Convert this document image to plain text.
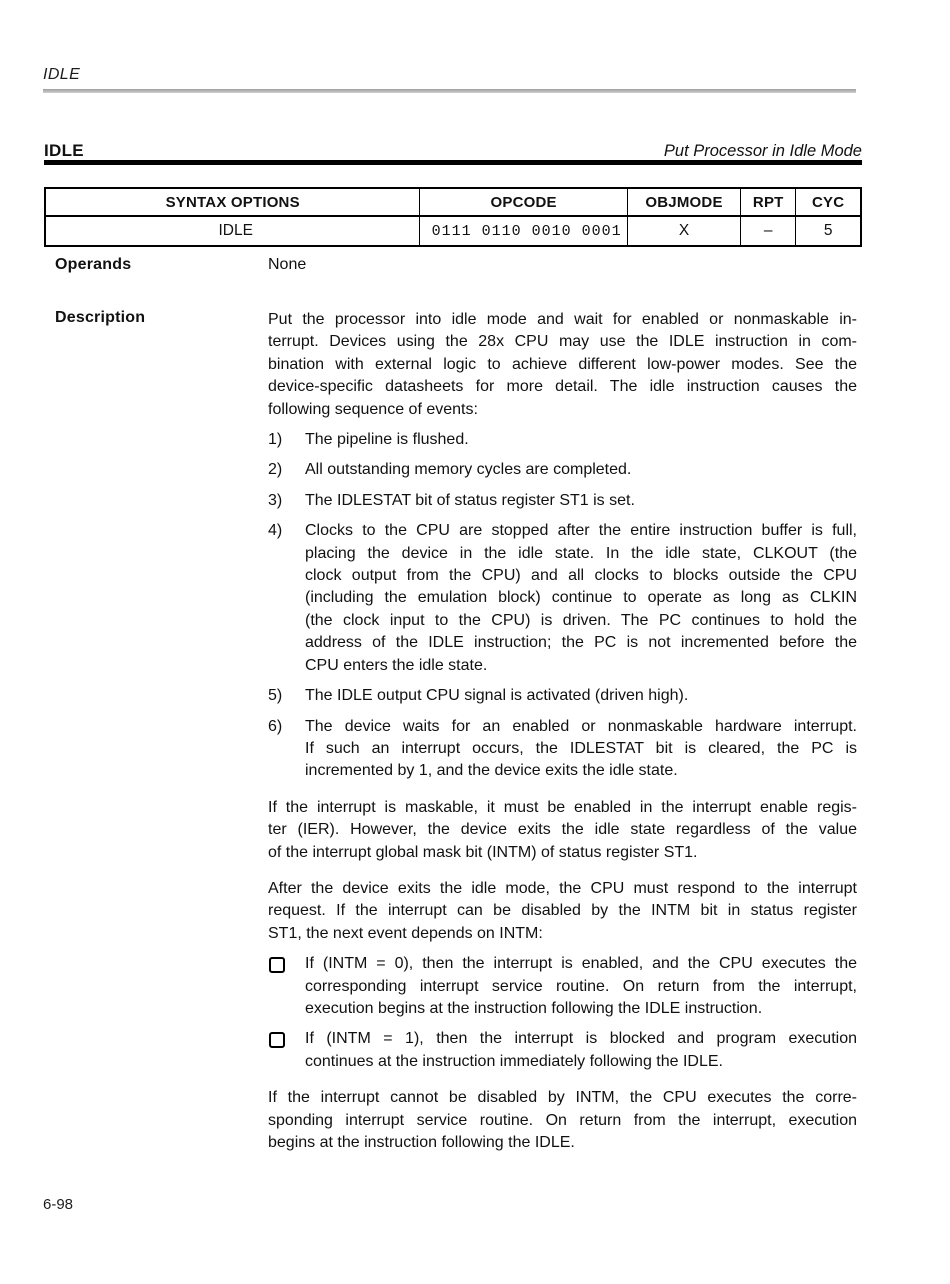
IDLE
IDLE	Put Processor in Idle Mode
SYNTAX OPTIONS	OPCODE	OBJMODE	RPT	CYC
IDLE	0111 0110 0010 0001	X	–	5
Operands	None
Description	Put the processor into idle mode and wait for enabled or nonmaskable in-
terrupt. Devices using the 28x CPU may use the IDLE instruction in com-
bination with external logic to achieve different low-power modes. See the
device-specific datasheets for more detail. The idle instruction causes the
following sequence of events:
1) The pipeline is flushed.
2) All outstanding memory cycles are completed.
3) The IDLESTAT bit of status register ST1 is set.
4) Clocks to the CPU are stopped after the entire instruction buffer is full,
placing the device in the idle state. In the idle state, CLKOUT (the
clock output from the CPU) and all clocks to blocks outside the CPU
(including the emulation block) continue to operate as long as CLKIN
(the clock input to the CPU) is driven. The PC continues to hold the
address of the IDLE instruction; the PC is not incremented before the
CPU enters the idle state.
5) The IDLE output CPU signal is activated (driven high).
6) The device waits for an enabled or nonmaskable hardware interrupt.
If such an interrupt occurs, the IDLESTAT bit is cleared, the PC is
incremented by 1, and the device exits the idle state.
If the interrupt is maskable, it must be enabled in the interrupt enable regis-
ter (IER). However, the device exits the idle state regardless of the value
of the interrupt global mask bit (INTM) of status register ST1.
After the device exits the idle mode, the CPU must respond to the interrupt
request. If the interrupt can be disabled by the INTM bit in status register
ST1, the next event depends on INTM:
If (INTM = 0), then the interrupt is enabled, and the CPU executes the
corresponding interrupt service routine. On return from the interrupt,
execution begins at the instruction following the IDLE instruction.
If (INTM = 1), then the interrupt is blocked and program execution
continues at the instruction immediately following the IDLE.
If the interrupt cannot be disabled by INTM, the CPU executes the corre-
sponding interrupt service routine. On return from the interrupt, execution
begins at the instruction following the IDLE.
6-98
